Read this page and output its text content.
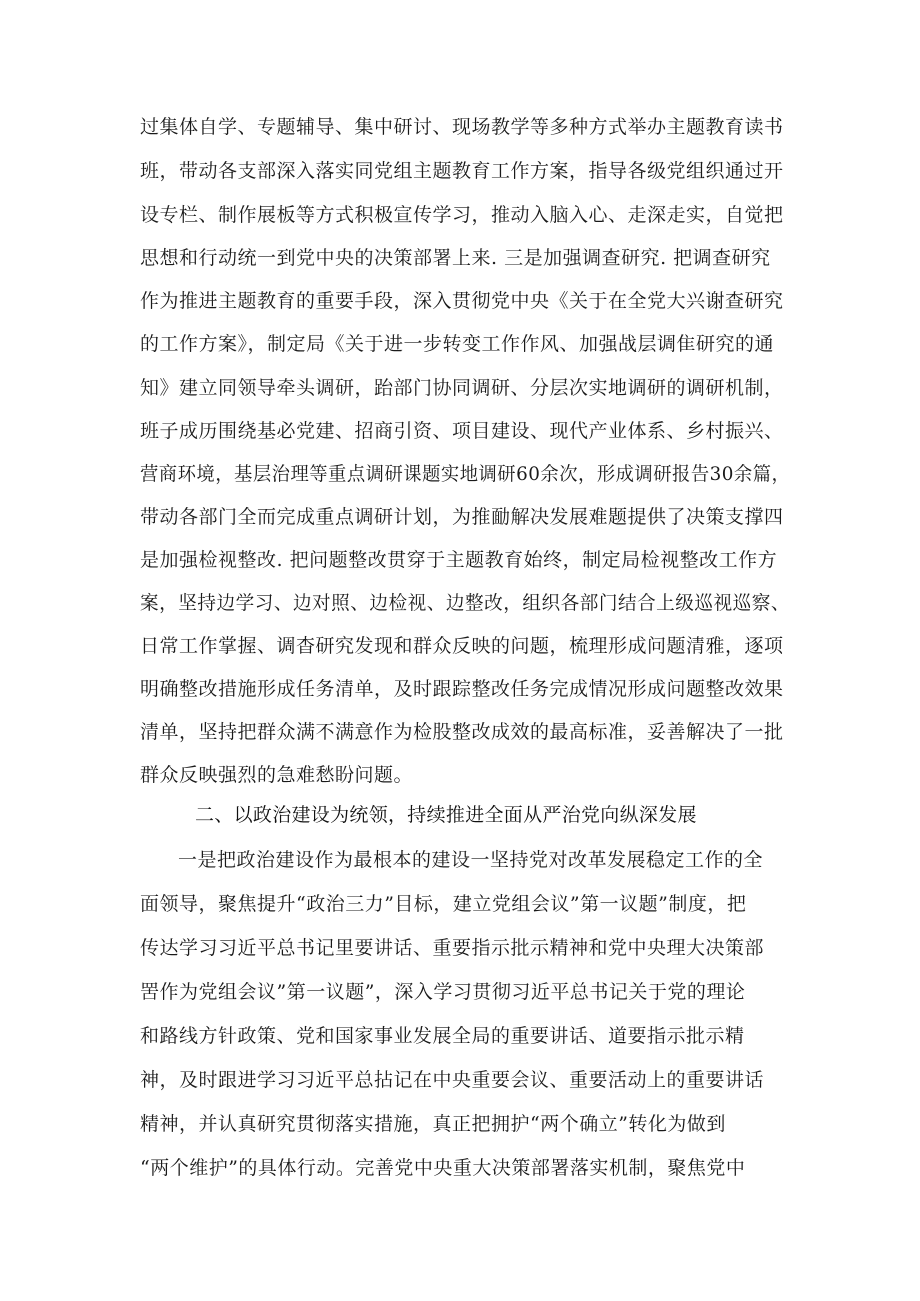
过集体自学、专题辅导、集中研讨、现场教学等多种方式举办主题教育读书
班，带动各支部深入落实同党组主题教育工作方案，指导各级党组织通过开
设专栏、制作展板等方式积极宣传学习，推动入脑入心、走深走实，自觉把
思想和行动统一到党中央的决策部署上来. 三是加强调查研究. 把调查研究
作为推进主题教育的重要手段，深入贯彻党中央《关于在全党大兴谢查研究
的工作方案》，制定局《关于进一步转变工作作风、加强战层调隹研究的通
知》建立同领导牵头调研，跆部门协同调研、分层次实地调研的调研机制，
班子成历围绕基必党建、招商引资、项目建设、现代产业体系、乡村振兴、
营商环境，基层治理等重点调研课题实地调研60余次，形成调研报告30余篇，
带动各部门全而完成重点调研计划，为推勔解决发展难题提供了决策支撑四
是加强检视整改. 把问题整改贯穿于主题教育始终，制定局检视整改工作方
案，坚持边学习、边对照、边检视、边整改，组织各部门结合上级巡视巡察、
日常工作掌握、调杳研究发现和群众反映的问题，梳理形成问题清雅，逐项
明确整改措施形成任务清单，及时跟踪整改任务完成情况形成问题整改效果
清单，坚持把群众满不满意作为检股整改成效的最高标准，妥善解决了一批
群众反映强烈的急难愁盼问题。
二、以政治建设为统领，持续推进全面从严治党向纵深发展
一是把政治建设作为最根本的建设一坚持党对改革发展稳定工作的全
面领导，聚焦提升“政治三力”目标，建立党组会议”第一议题”制度，把
传达学习习近平总书记里要讲话、重要指示批示精神和党中央理大决策部
罟作为党组会议”第一议题”，深入学习贯彻习近平总书记关于党的理论
和路线方针政策、党和国家事业发展全局的重要讲话、道要指示批示精
神，及时跟进学习习近平总拈记在中央重要会议、重要活动上的重要讲话
精神，并认真研究贯彻落实措施，真正把拥护“两个确立”转化为做到
“两个维护”的具体行动。完善党中央重大决策部署落实机制，聚焦党中
